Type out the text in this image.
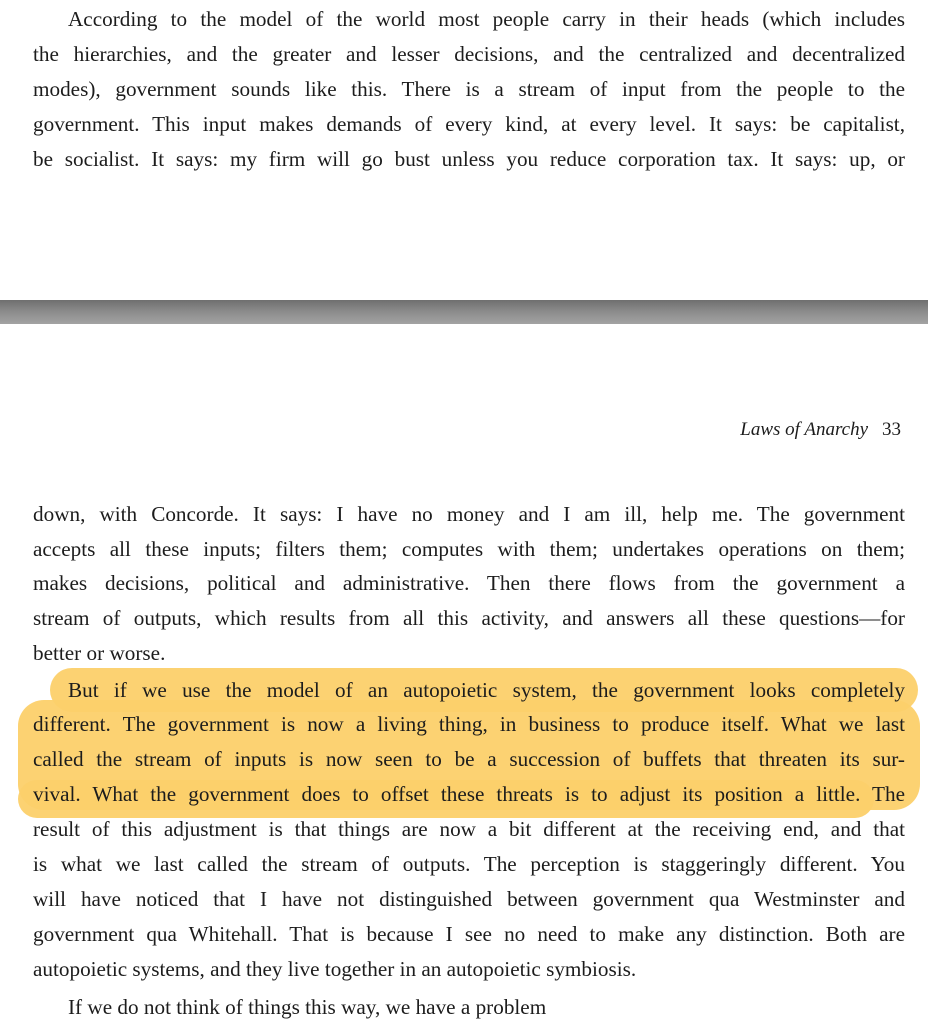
According to the model of the world most people carry in their heads (which includes
the hierarchies, and the greater and lesser decisions, and the centralized and decentralized
modes), government sounds like this. There is a stream of input from the people to the
government. This input makes demands of every kind, at every level. It says: be capitalist,
be socialist. It says: my firm will go bust unless you reduce corporation tax. It says: up, or
Laws of Anarchy 33
down, with Concorde. It says: I have no money and I am ill, help me. The government
accepts all these inputs; filters them; computes with them; undertakes operations on them;
makes decisions, political and administrative. Then there flows from the government a
stream of outputs, which results from all this activity, and answers all these questions—for
better or worse.
But if we use the model of an autopoietic system, the government looks completely
different. The government is now a living thing, in business to produce itself. What we last
called the stream of inputs is now seen to be a succession of buffets that threaten its sur-
vival. What the government does to offset these threats is to adjust its position a little. The
result of this adjustment is that things are now a bit different at the receiving end, and that
is what we last called the stream of outputs. The perception is staggeringly different. You
will have noticed that I have not distinguished between government qua Westminster and
government qua Whitehall. That is because I see no need to make any distinction. Both are
autopoietic systems, and they live together in an autopoietic symbiosis.
If we do not think of things this way, we have a problem
